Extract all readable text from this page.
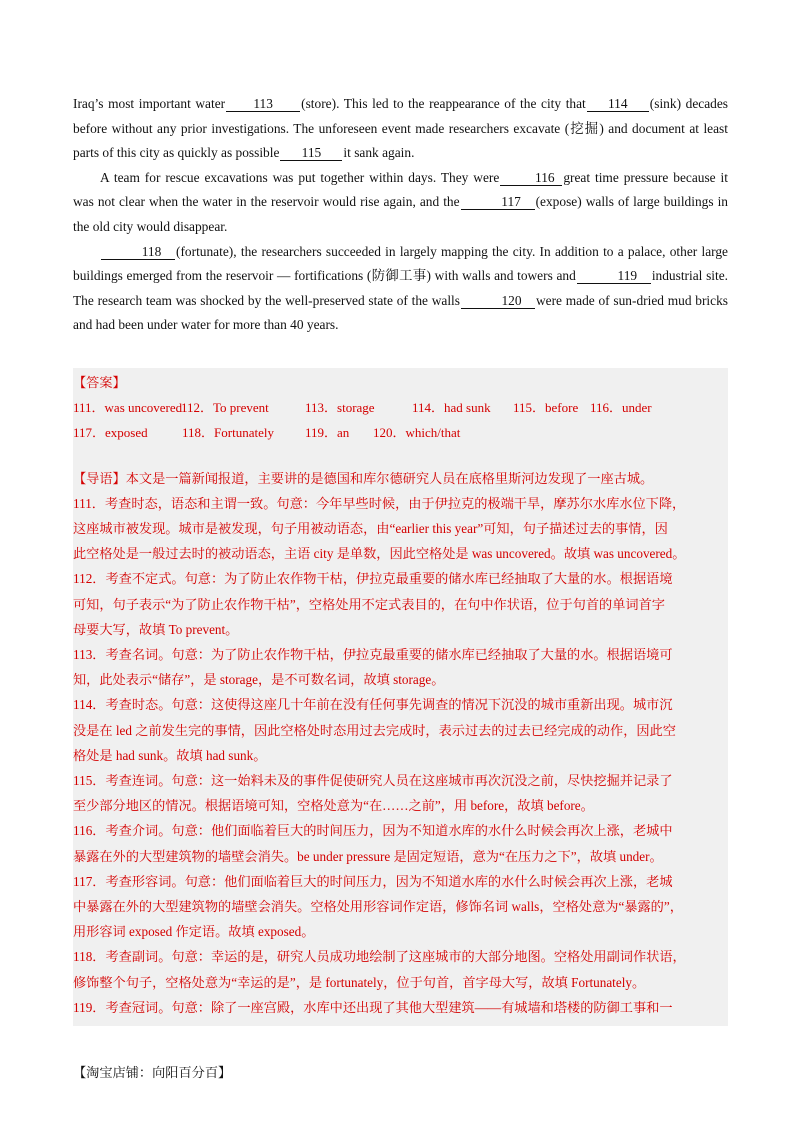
Iraq’s most important water 113 (store). This led to the reappearance of the city that 114 (sink) decades before without any prior investigations. The unforeseen event made researchers excavate (挖掘) and document at least parts of this city as quickly as possible 115 it sank again.

A team for rescue excavations was put together within days. They were	116 great time pressure because it was not clear when the water in the reservoir would rise again, and the	117 (expose) walls of large buildings in the old city would disappear.

118 (fortunate), the researchers succeeded in largely mapping the city. In addition to a palace, other large buildings emerged from the reservoir — fortifications (防御工事) with walls and towers and	119 industrial site. The research team was shocked by the well-preserved state of the walls	120 were made of sun-dried mud bricks and had been under water for more than 40 years.

【答案】
111．was uncovered
112．To prevent	113．storage	114．had sunk	115．before 116．under
117．exposed	118．Fortunately	119．an	120．which/that
【导语】本文是一篇新闻报道，主要讲的是德国和库尔德研究人员在底格里斯河边发现了一座古城。
111．考查时态，语态和主谓一致。句意：今年早些时候，由于伊拉克的极端干旱，摩苏尔水库水位下降，
这座城市被发现。城市是被发现，句子用被动语态，由“earlier this year”可知，句子描述过去的事情，因
此空格处是一般过去时的被动语态，主语 city 是单数，因此空格处是 was uncovered。故填 was uncovered。
112．考查不定式。句意：为了防止农作物干枯，伊拉克最重要的储水库已经抽取了大量的水。根据语境
可知，句子表示“为了防止农作物干枯”，空格处用不定式表目的，在句中作状语，位于句首的单词首字
母要大写，故填 To prevent。
113．考查名词。句意：为了防止农作物干枯，伊拉克最重要的储水库已经抽取了大量的水。根据语境可
知，此处表示“储存”，是 storage，是不可数名词，故填 storage。
114．考查时态。句意：这使得这座几十年前在没有任何事先调查的情况下沉没的城市重新出现。城市沉
没是在 led 之前发生完的事情，因此空格处时态用过去完成时，表示过去的过去已经完成的动作，因此空
格处是 had sunk。故填 had sunk。
115．考查连词。句意：这一始料未及的事件促使研究人员在这座城市再次沉没之前，尽快挖掘并记录了
至少部分地区的情况。根据语境可知，空格处意为“在……之前”，用 before，故填 before。
116．考查介词。句意：他们面临着巨大的时间压力，因为不知道水库的水什么时候会再次上涨，老城中
暴露在外的大型建筑物的墙壁会消失。be under pressure 是固定短语，意为“在压力之下”，故填 under。
117．考查形容词。句意：他们面临着巨大的时间压力，因为不知道水库的水什么时候会再次上涨，老城
中暴露在外的大型建筑物的墙壁会消失。空格处用形容词作定语，修饰名词 walls，空格处意为“暴露的”，
用形容词 exposed 作定语。故填 exposed。
118．考查副词。句意：幸运的是，研究人员成功地绘制了这座城市的大部分地图。空格处用副词作状语，
修饰整个句子，空格处意为“幸运的是”，是 fortunately，位于句首，首字母大写，故填 Fortunately。
119．考查冠词。句意：除了一座宫殿，水库中还出现了其他大型建筑——有城墙和塔楼的防御工事和一
【淘宝店铺：向阳百分百】
